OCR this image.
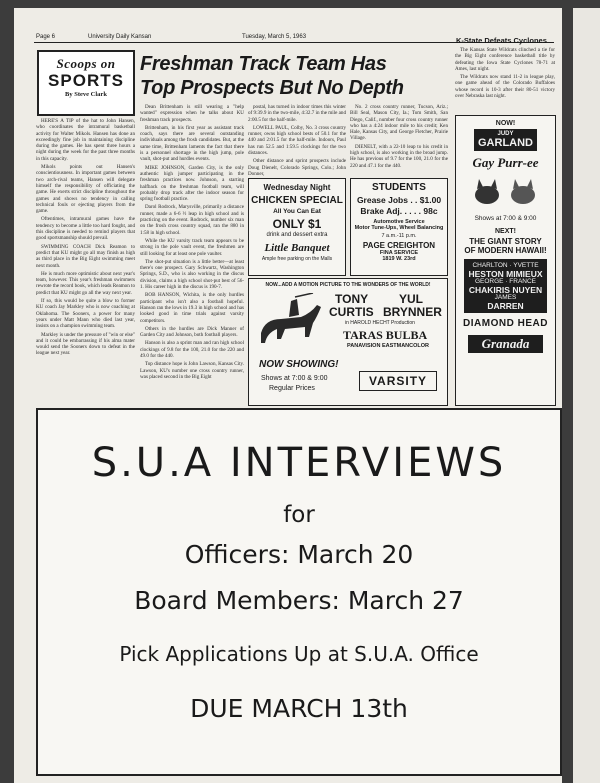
Page 6	University Daily Kansan	Tuesday, March 5, 1963
Scoops on
SPORTS
By Steve Clark
Freshman Track Team Has Top Prospects But No Depth

HERE'S A TIP of the hat to John Hansen, who coordinates the intramural basketball activity for Walter Mikols. Hansen has done an exceedingly fine job in maintaining discipline during the games. He has spent three hours a night during the week for the past three months in this capacity.

Mikols points out Hansen's conscientiousness. In important games between two arch-rival teams, Hansen will delegate himself the responsibility of officiating the game. He exerts strict discipline throughout the games and shows no tendency in calling technical fouls or ejecting players from the game.

Oftentimes, intramural games have the tendency to become a little too hard fought, and this discipline is needed to remind players that good sportsmanship should prevail.

SWIMMING COACH Dick Reamon to predict that KU might go all may finish as high as third place in the Big Eight swimming meet next month.

He is much more optimistic about next year's team, however. This year's freshman swimmers rewrote the record book, which leads Reamon to predict that KU might go all the way next year.

If so, this would be quite a blow to former KU coach Jay Markley who is now coaching at Oklahoma. The Sooners, a power for many years under Matt Mann who died last year, insists on a champion swimming team.

Markley is under the pressure of "win or else" and it could be embarrassing if his alma mater would send the Sooners down to defeat in the league next year.

Dean Brittenham is still wearing a "help wanted" expression when he talks about KU freshman track prospects.

Brittenham, in his first year as assistant track coach, says there are several outstanding individuals among the frosh candidates. But, at the same time, Brittenham laments the fact that there is a personnel shortage in the high jump, pole vault, shot-put and hurdles events.

MIKE JOHNSON, Garden City, is the only authentic high jumper participating in the freshman practices now. Johnson, a starting halfback on the freshman football team, will probably drop track after the indoor season for spring football practice.

Darol Rodrock, Marysville, primarily a distance runner, made a 6-6 ½ leap in high school and is practicing on the event. Rodrock, number six man on the frosh cross country squad, ran the 880 in 1:58 in high school.

While the KU varsity track team appears to be strong in the pole vault event, the freshmen are still looking for at least one pole vaulter.

The shot-put situation is a little better—at least there's one prospect. Gary Schwartz, Washington Springs, S.D., who is also working in the discus division, claims a high school shot-put best of 56-1. His career high in the discus is 190-7.

BOB HANSON, Wichita, is the only hurdles participant who isn't also a football hopeful. Hanson ran the lows in 19.3 in high school and has looked good in time trials against varsity competitors.

Others in the hurdles are Dick Manner of Garden City and Johnson, both football players.

Hanson is also a sprint man and ran high school clockings of 9.8 for the 100, 21.0 for the 220 and 49.0 for the 440.

Top distance hope is John Lawson, Kansas City. Lawson, KU's number one cross country runner, was placed second in the Big Eight

postal, has turned in indoor times this winter of 9:39.9 in the two-mile, 4:32.7 in the mile and 2:00.5 for the half-mile.

LOWELL PAUL, Colby, No. 3 cross country runner, owns high school bests of 50.1 for the 440 and 2:01.5 for the half-mile. Indoors, Paul has run 52.5 and 1:59.5 clockings for the two distances.

Other distance and sprint prospects include Doug Dienelt, Colorado Springs, Colo.; John Donner,

No. 2 cross country runner, Tucson, Ariz.; Bill Seal, Mason City, Ia.; Tom Smith, San Diego, Calif., number four cross country runner who has a 4:24 indoor mile to his credit; Ken Hale, Kansas City, and George Fletcher, Prairie Village.

DIENELT, with a 22-10 leap to his credit in high school, is also working in the broad jump. He has previous of 9.7 for the 100, 21.0 for the 220 and 47.1 for the 440.

K-State Defeats Cyclones

The Kansas State Wildcats clinched a tie for the Big Eight conference basketball title by defeating the Iowa State Cyclones 78-71 at Ames, last night.

The Wildcats now stand 11-2 in league play, one game ahead of the Colorado Buffaloes whose record is 10-3 after their 80-51 victory over Nebraska last night.

Wednesday Night
CHICKEN SPECIAL
All You Can Eat
ONLY $1
drink and dessert extra
Little Banquet
Ample free parking on the Malls
STUDENTS
Grease Jobs . . $1.00
Brake Adj. . . . . 98c
Automotive Service
Motor Tune-Ups, Wheel Balancing
7 a.m.-11 p.m.
PAGE CREIGHTON
FINA SERVICE
1819 W. 23rd
NOW...ADD A MOTION PICTURE TO THE WONDERS OF THE WORLD!
TONY	YUL
CURTIS BRYNNER
in HAROLD HECHT Production
TARAS BULBA
PANAVISION EASTMANCOLOR
NOW SHOWING!
Shows at 7:00 & 9:00
Regular Prices
VARSITY
NOW!
JUDY
GARLAND
Gay Purr-ee
Shows at 7:00 & 9:00
NEXT!
THE GIANT STORY
OF MODERN HAWAII!
CHARLTON · YVETTE
HESTON MIMIEUX
GEORGE · FRANCE
CHAKIRIS NUYEN
JAMES
DARREN
DIAMOND HEAD
Granada
S.U.A INTERVIEWS
for
Officers: March 20
Board Members: March 27
Pick Applications Up at S.U.A. Office
DUE MARCH 13th
